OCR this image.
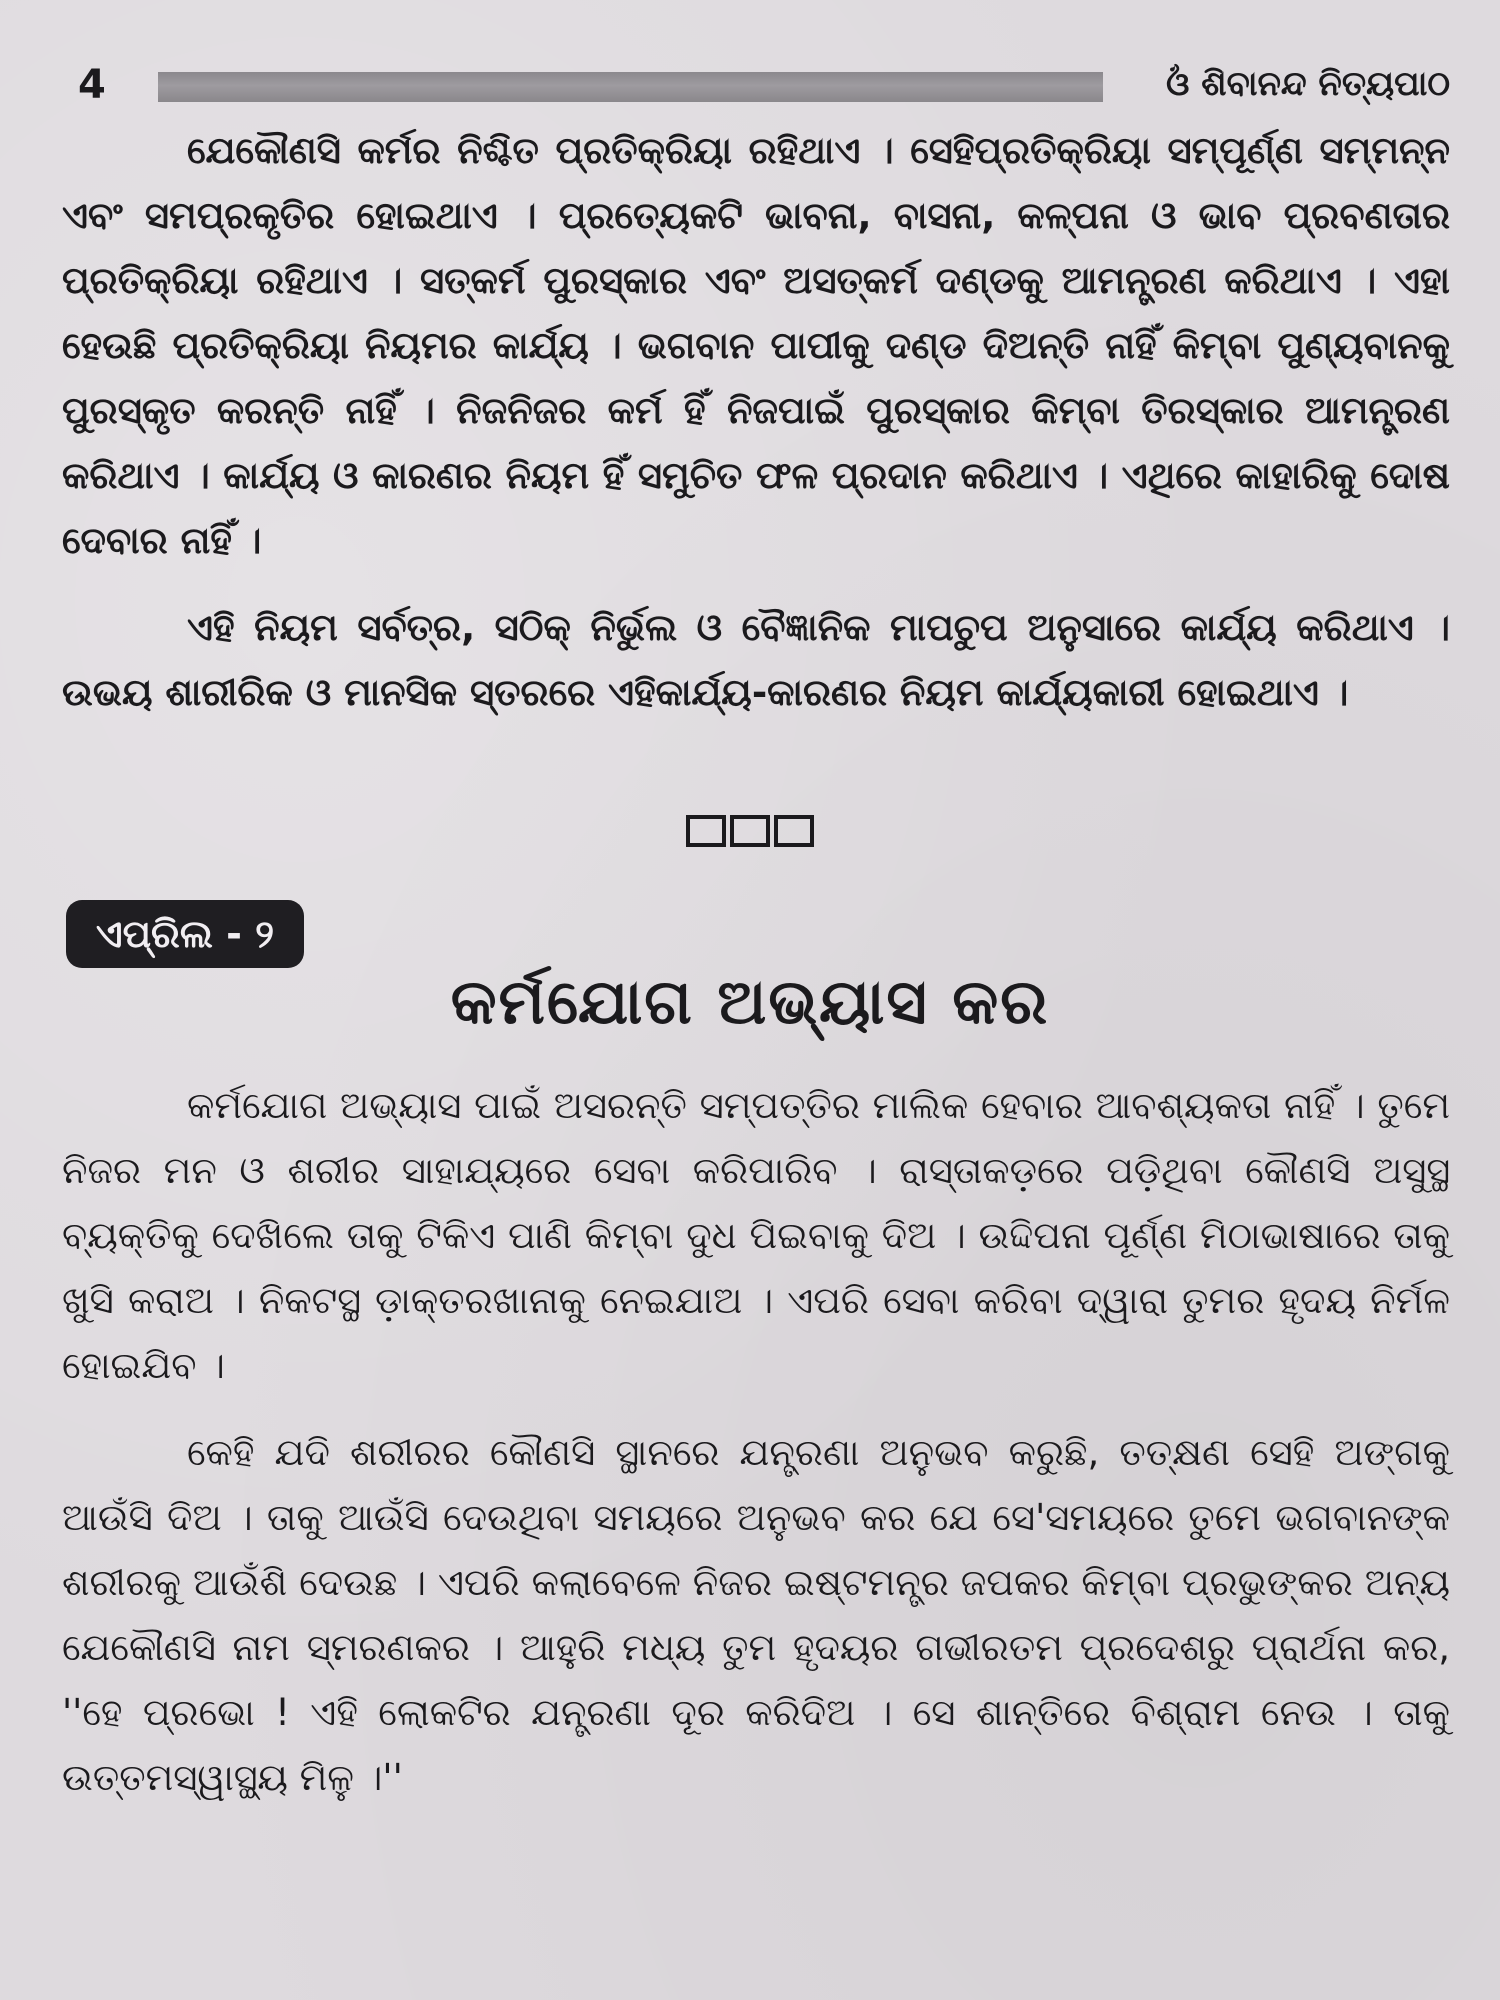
4	ଓଁ ଶିବାନନ୍ଦ ନିତ୍ୟପାଠ

ଯେକୌଣସି କର୍ମର ନିଶ୍ଚିତ ପ୍ରତିକ୍ରିୟା ରହିଥାଏ । ସେହିପ୍ରତିକ୍ରିୟା ସମ୍ପୂର୍ଣ୍ଣ ସମ୍ମନ୍ନ ଏବଂ ସମପ୍ରକୃତିର ହୋଇଥାଏ । ପ୍ରତ୍ୟେକଟି ଭାବନା, ବାସନା, କଳ୍ପନା ଓ ଭାବ ପ୍ରବଣତାର ପ୍ରତିକ୍ରିୟା ରହିଥାଏ । ସତ୍‌କର୍ମ ପୁରସ୍କାର ଏବଂ ଅସତ୍‌କର୍ମ ଦଣ୍ଡକୁ ଆମନ୍ତ୍ରଣ କରିଥାଏ । ଏହା ହେଉଛି ପ୍ରତିକ୍ରିୟା ନିୟମର କାର୍ଯ୍ୟ । ଭଗବାନ ପାପୀକୁ ଦଣ୍ଡ ଦିଅନ୍ତି ନାହିଁ କିମ୍ବା ପୁଣ୍ୟବାନକୁ ପୁରସ୍କୃତ କରନ୍ତି ନାହିଁ । ନିଜନିଜର କର୍ମ ହିଁ ନିଜପାଇଁ ପୁରସ୍କାର କିମ୍ବା ତିରସ୍କାର ଆମନ୍ତ୍ରଣ କରିଥାଏ । କାର୍ଯ୍ୟ ଓ କାରଣର ନିୟମ ହିଁ ସମୁଚିତ ଫଳ ପ୍ରଦାନ କରିଥାଏ । ଏଥିରେ କାହାରିକୁ ଦୋଷ ଦେବାର ନାହିଁ ।

ଏହି ନିୟମ ସର୍ବତ୍ର, ସଠିକ୍ ନିର୍ଭୁଲ ଓ ବୈଜ୍ଞାନିକ ମାପଚୁପ ଅନୁସାରେ କାର୍ଯ୍ୟ କରିଥାଏ । ଉଭୟ ଶାରୀରିକ ଓ ମାନସିକ ସ୍ତରରେ ଏହିକାର୍ଯ୍ୟ-କାରଣର ନିୟମ କାର୍ଯ୍ୟକାରୀ ହୋଇଥାଏ ।

ଏପ୍ରିଲ - ୨
କର୍ମଯୋଗ ଅଭ୍ୟାସ କର

କର୍ମଯୋଗ ଅଭ୍ୟାସ ପାଇଁ ଅସରନ୍ତି ସମ୍ପତ୍ତିର ମାଲିକ ହେବାର ଆବଶ୍ୟକତା ନାହିଁ । ତୁମେ ନିଜର ମନ ଓ ଶରୀର ସାହାଯ୍ୟରେ ସେବା କରିପାରିବ । ରାସ୍ତାକଡ଼ରେ ପଡ଼ିଥିବା କୌଣସି ଅସୁସ୍ଥ ବ୍ୟକ୍ତିକୁ ଦେଖିଲେ ତାକୁ ଟିକିଏ ପାଣି କିମ୍ବା ଦୁଧ ପିଇବାକୁ ଦିଅ । ଉଦ୍ଦିପନା ପୂର୍ଣ୍ଣ ମିଠାଭାଷାରେ ତାକୁ ଖୁସି କରାଅ । ନିକଟସ୍ଥ ଡ଼ାକ୍ତରଖାନାକୁ ନେଇଯାଅ । ଏପରି ସେବା କରିବା ଦ୍ୱାରା ତୁମର ହୃଦୟ ନିର୍ମଳ ହୋଇଯିବ ।

କେହି ଯଦି ଶରୀରର କୌଣସି ସ୍ଥାନରେ ଯନ୍ତ୍ରଣା ଅନୁଭବ କରୁଛି, ତତ୍‌କ୍ଷଣ ସେହି ଅଙ୍ଗକୁ ଆଉଁସି ଦିଅ । ତାକୁ ଆଉଁସି ଦେଉଥିବା ସମୟରେ ଅନୁଭବ କର ଯେ ସେ'ସମୟରେ ତୁମେ ଭଗବାନଙ୍କ ଶରୀରକୁ ଆଉଁଶି ଦେଉଛ । ଏପରି କଲାବେଳେ ନିଜର ଇଷ୍ଟମନ୍ତ୍ର ଜପକର କିମ୍ବା ପ୍ରଭୁଙ୍କର ଅନ୍ୟ ଯେକୌଣସି ନାମ ସ୍ମରଣକର । ଆହୁରି ମଧ୍ୟ ତୁମ ହୃଦୟର ଗଭୀରତମ ପ୍ରଦେଶରୁ ପ୍ରାର୍ଥନା କର, ''ହେ ପ୍ରଭୋ ! ଏହି ଲୋକଟିର ଯନ୍ତ୍ରଣା ଦୂର କରିଦିଅ । ସେ ଶାନ୍ତିରେ ବିଶ୍ରାମ ନେଉ । ତାକୁ ଉତ୍ତମସ୍ୱାସ୍ଥ୍ୟ ମିଳୁ ।''
